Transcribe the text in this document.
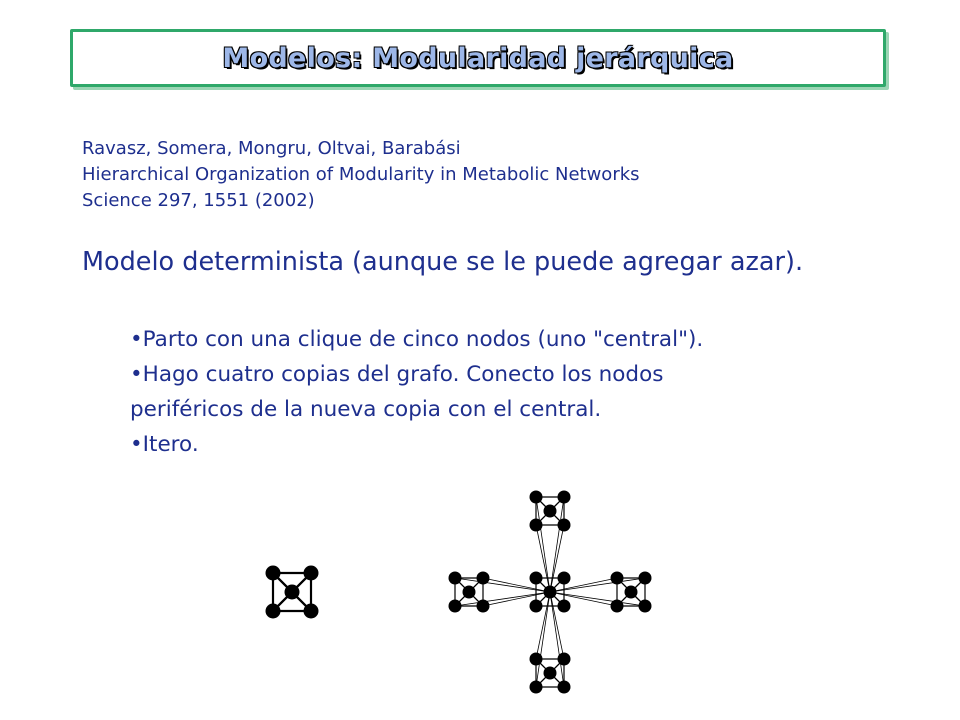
Modelos: Modularidad jerárquica
Ravasz, Somera, Mongru, Oltvai, Barabási
Hierarchical Organization of Modularity in Metabolic Networks
Science 297, 1551 (2002)
Modelo determinista (aunque se le puede agregar azar).
•Parto con una clique de cinco nodos (uno "central").
•Hago cuatro copias del grafo. Conecto los nodos
periféricos de la nueva copia con el central.
•Itero.
